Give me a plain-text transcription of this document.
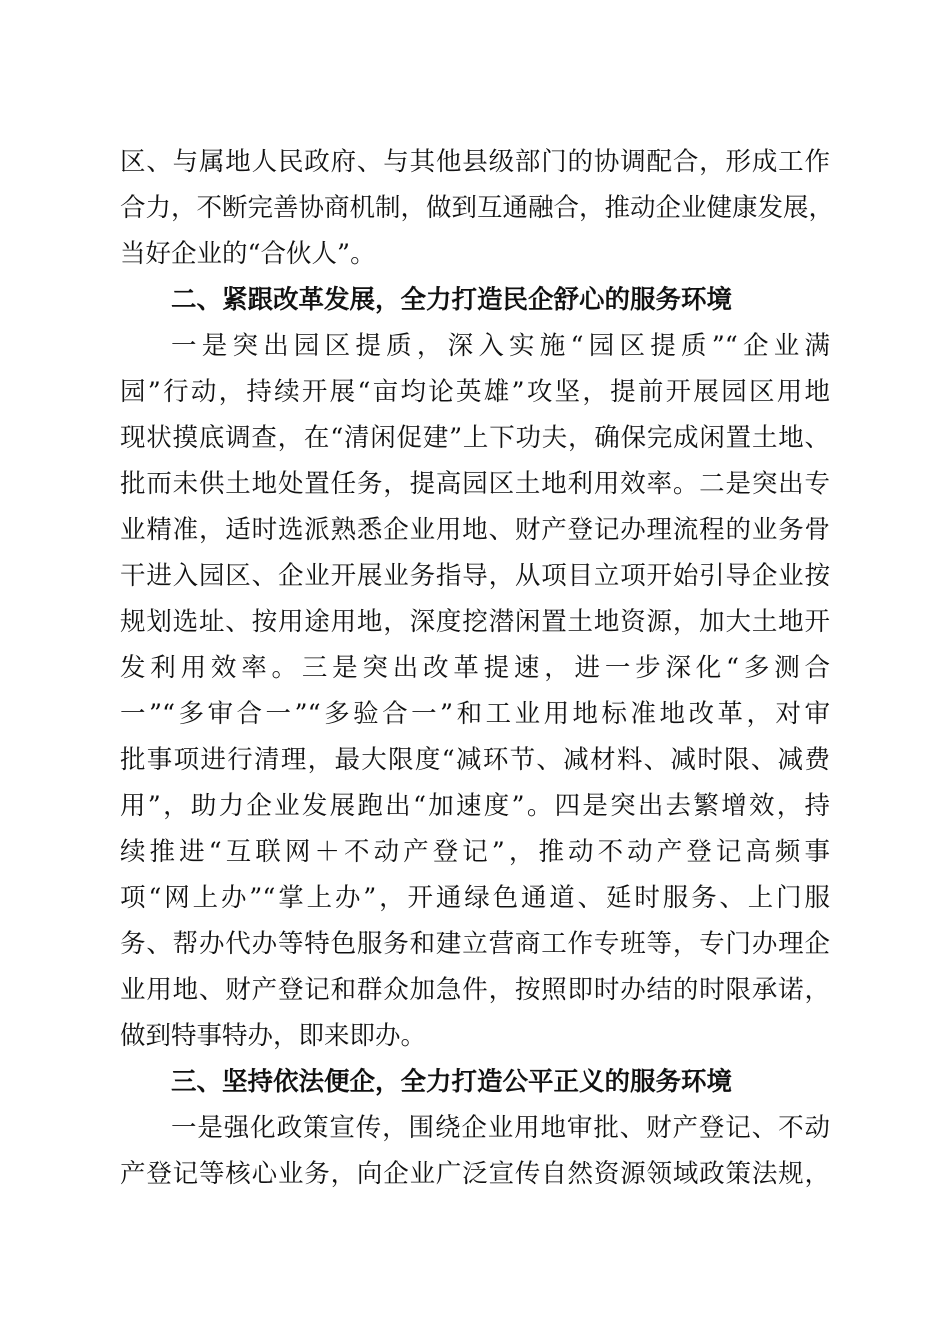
区、与属地人民政府、与其他县级部门的协调配合，形成工作
合力，不断完善协商机制，做到互通融合，推动企业健康发展，
当好企业的“合伙人”。
二、紧跟改革发展，全力打造民企舒心的服务环境
一是突出园区提质，深入实施“园区提质”“企业满
园”行动，持续开展“亩均论英雄”攻坚，提前开展园区用地
现状摸底调查，在“清闲促建”上下功夫，确保完成闲置土地、
批而未供土地处置任务，提高园区土地利用效率。二是突出专
业精准，适时选派熟悉企业用地、财产登记办理流程的业务骨
干进入园区、企业开展业务指导，从项目立项开始引导企业按
规划选址、按用途用地，深度挖潜闲置土地资源，加大土地开
发利用效率。三是突出改革提速，进一步深化“多测合
一”“多审合一”“多验合一”和工业用地标准地改革，对审
批事项进行清理，最大限度“减环节、减材料、减时限、减费
用”，助力企业发展跑出“加速度”。四是突出去繁增效，持
续推进“互联网＋不动产登记”，推动不动产登记高频事
项“网上办”“掌上办”，开通绿色通道、延时服务、上门服
务、帮办代办等特色服务和建立营商工作专班等，专门办理企
业用地、财产登记和群众加急件，按照即时办结的时限承诺，
做到特事特办，即来即办。
三、坚持依法便企，全力打造公平正义的服务环境
一是强化政策宣传，围绕企业用地审批、财产登记、不动
产登记等核心业务，向企业广泛宣传自然资源领域政策法规，
